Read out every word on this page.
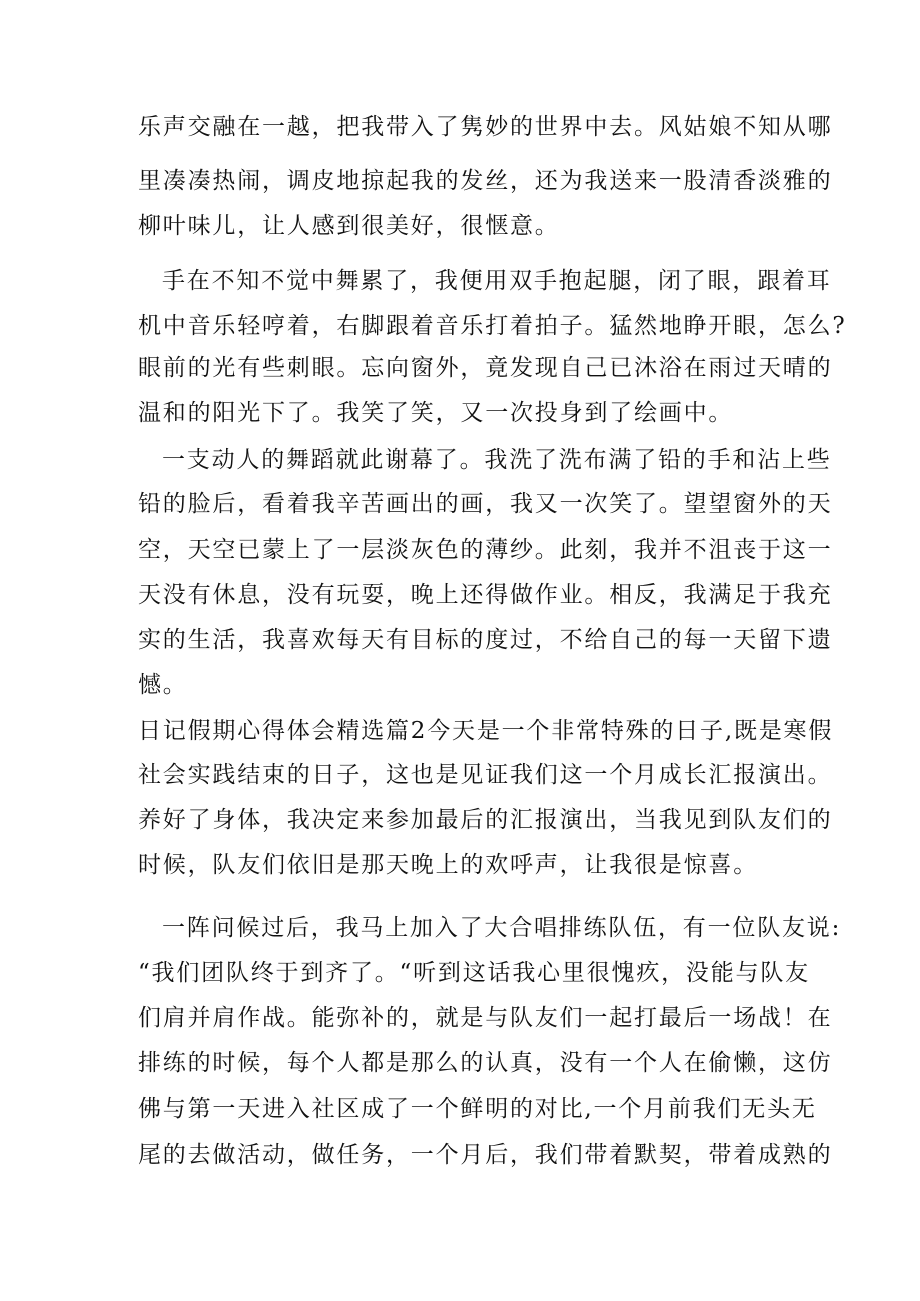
乐声交融在一越，把我带入了隽妙的世界中去。风姑娘不知从哪
里凑凑热闹，调皮地掠起我的发丝，还为我送来一股清香淡雅的
柳叶味儿，让人感到很美好，很惬意。
手在不知不觉中舞累了，我便用双手抱起腿，闭了眼，跟着耳
机中音乐轻哼着，右脚跟着音乐打着拍子。猛然地睁开眼，怎么?
眼前的光有些刺眼。忘向窗外，竟发现自己已沐浴在雨过天晴的
温和的阳光下了。我笑了笑，又一次投身到了绘画中。
一支动人的舞蹈就此谢幕了。我洗了洗布满了铅的手和沾上些
铅的脸后，看着我辛苦画出的画，我又一次笑了。望望窗外的天
空，天空已蒙上了一层淡灰色的薄纱。此刻，我并不沮丧于这一
天没有休息，没有玩耍，晚上还得做作业。相反，我满足于我充
实的生活，我喜欢每天有目标的度过，不给自己的每一天留下遗
憾。
日记假期心得体会精选篇2今天是一个非常特殊的日子,既是寒假
社会实践结束的日子，这也是见证我们这一个月成长汇报演出。
养好了身体，我决定来参加最后的汇报演出，当我见到队友们的
时候，队友们依旧是那天晚上的欢呼声，让我很是惊喜。
一阵问候过后，我马上加入了大合唱排练队伍，有一位队友说:
“我们团队终于到齐了。“听到这话我心里很愧疚，没能与队友
们肩并肩作战。能弥补的，就是与队友们一起打最后一场战！在
排练的时候，每个人都是那么的认真，没有一个人在偷懒，这仿
佛与第一天进入社区成了一个鲜明的对比,一个月前我们无头无
尾的去做活动，做任务，一个月后，我们带着默契，带着成熟的
